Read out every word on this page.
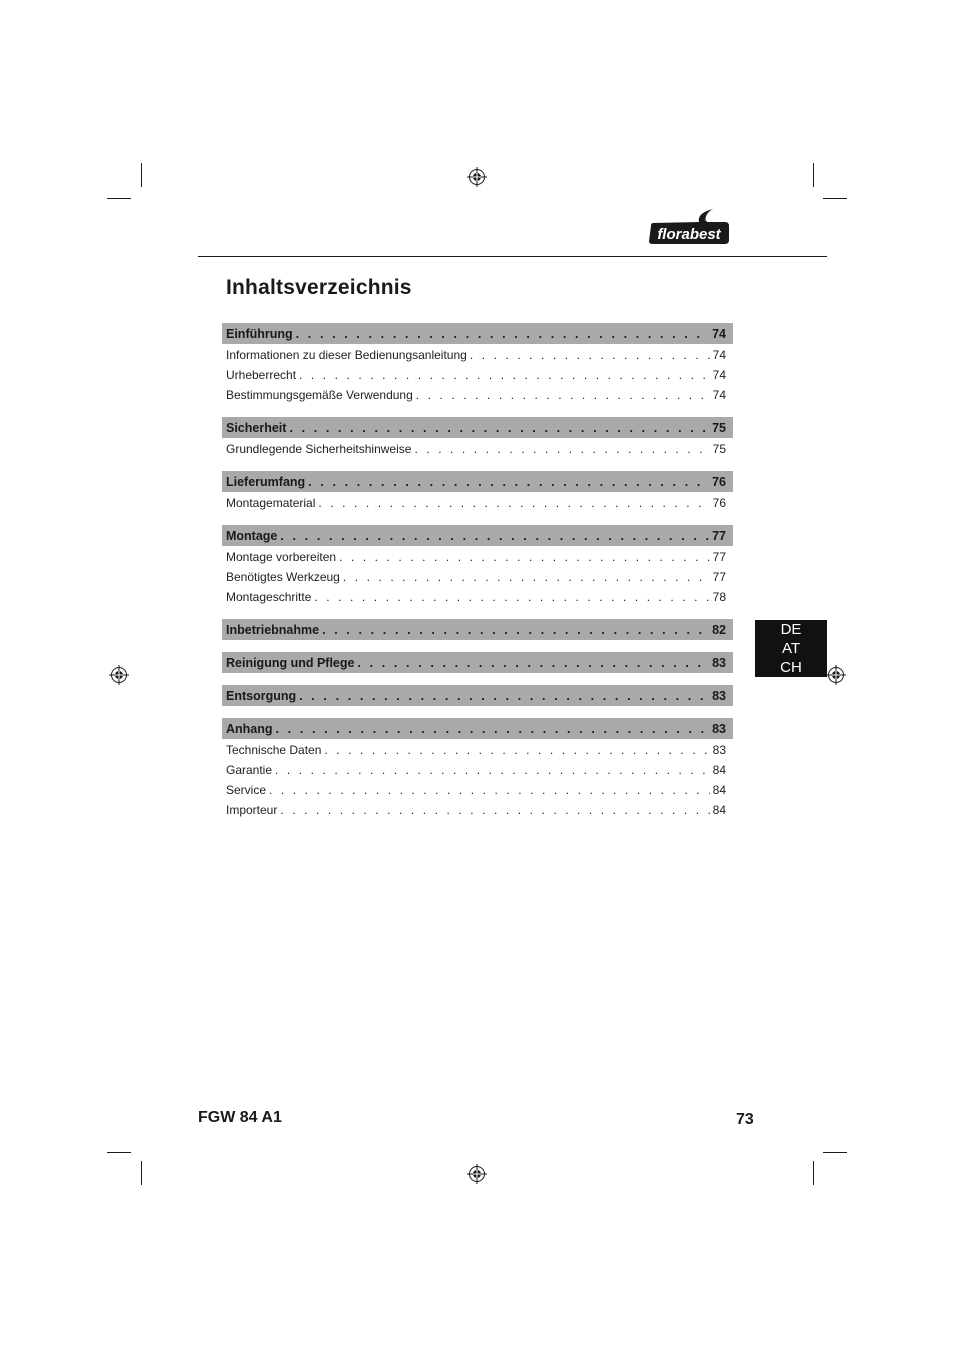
florabest
Inhaltsverzeichnis
Einführung . . .	74
Informationen zu dieser Bedienungsanleitung . . .	74
Urheberrecht . . .	74
Bestimmungsgemäße Verwendung . . .	74
Sicherheit . . .	75
Grundlegende Sicherheitshinweise . . .	75
Lieferumfang . . .	76
Montagematerial . . .	76
Montage . . .	77
Montage vorbereiten . . .	77
Benötigtes Werkzeug . . .	77
Montageschritte . . .	78
Inbetriebnahme . . .	82
Reinigung und Pflege . . .	83
Entsorgung . . .	83
Anhang . . .	83
Technische Daten . . .	83
Garantie . . .	84
Service . . .	84
Importeur . . .	84
DE
AT
CH
FGW 84 A1	73
